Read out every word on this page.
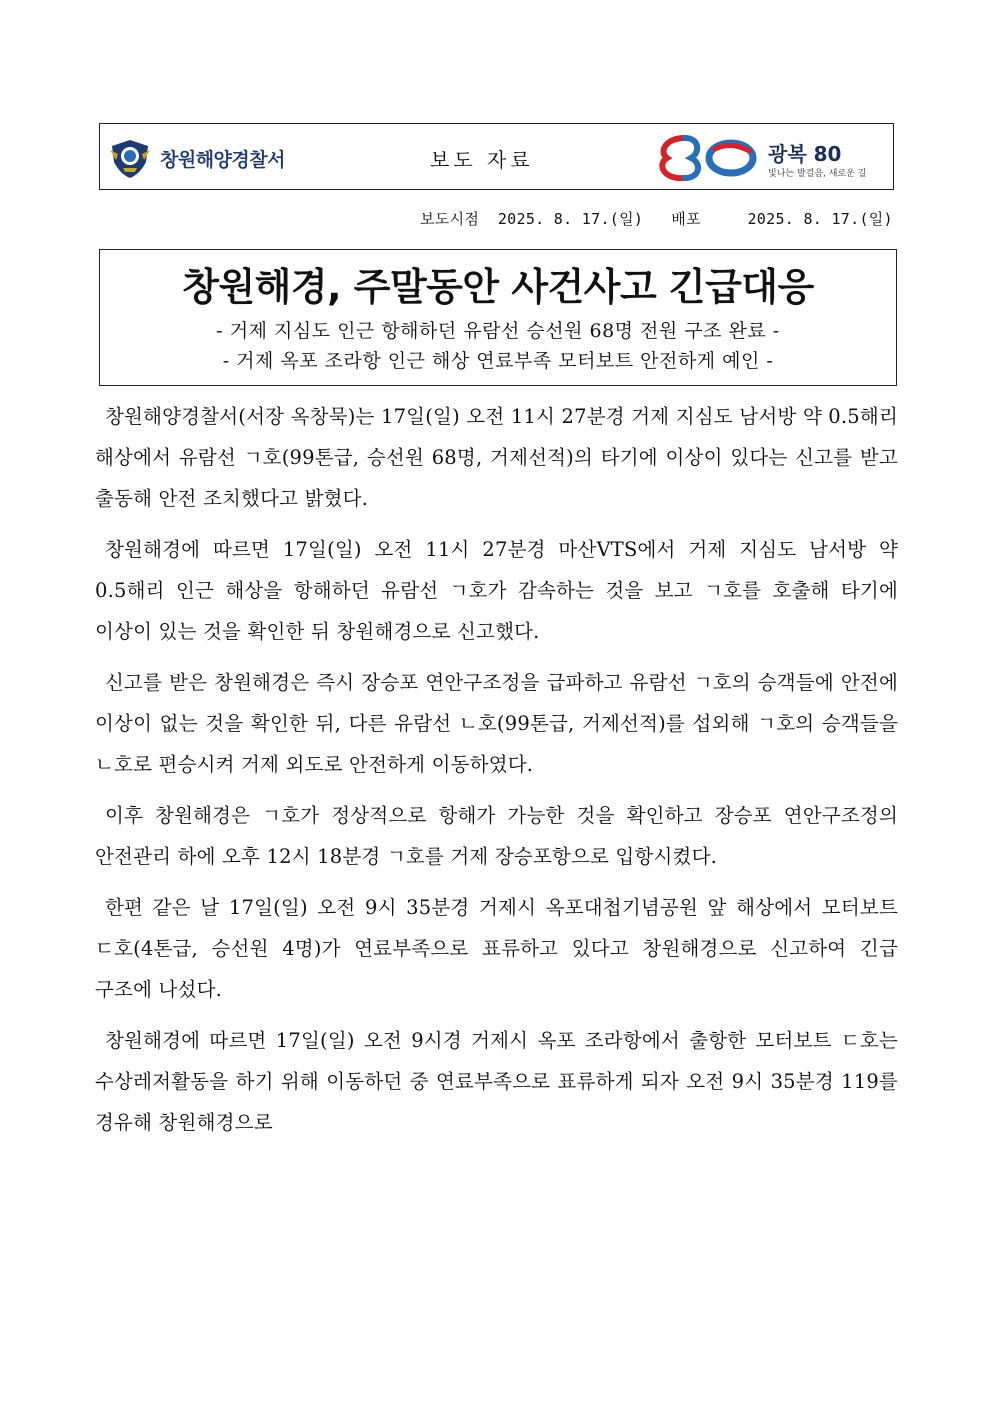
창원해양경찰서	보도 자료	광복 80
빛나는 발걸음, 새로운 길
보도시점  2025. 8. 17.(일)   배포     2025. 8. 17.(일)
창원해경, 주말동안 사건사고 긴급대응
- 거제 지심도 인근 항해하던 유람선 승선원 68명 전원 구조 완료 -
- 거제 옥포 조라항 인근 해상 연료부족 모터보트 안전하게 예인 -

창원해양경찰서(서장 옥창묵)는 17일(일) 오전 11시 27분경 거제 지심도 남서방 약 0.5해리 해상에서 유람선 ㄱ호(99톤급, 승선원 68명, 거제선적)의 타기에 이상이 있다는 신고를 받고 출동해 안전 조치했다고 밝혔다.

창원해경에 따르면 17일(일) 오전 11시 27분경 마산VTS에서 거제 지심도 남서방 약 0.5해리 인근 해상을 항해하던 유람선 ㄱ호가 감속하는 것을 보고 ㄱ호를 호출해 타기에 이상이 있는 것을 확인한 뒤 창원해경으로 신고했다.

신고를 받은 창원해경은 즉시 장승포 연안구조정을 급파하고 유람선 ㄱ호의 승객들에 안전에 이상이 없는 것을 확인한 뒤, 다른 유람선 ㄴ호(99톤급, 거제선적)를 섭외해 ㄱ호의 승객들을 ㄴ호로 편승시켜 거제 외도로 안전하게 이동하였다.

이후 창원해경은 ㄱ호가 정상적으로 항해가 가능한 것을 확인하고 장승포 연안구조정의 안전관리 하에 오후 12시 18분경 ㄱ호를 거제 장승포항으로 입항시켰다.

한편 같은 날 17일(일) 오전 9시 35분경 거제시 옥포대첩기념공원 앞 해상에서 모터보트 ㄷ호(4톤급, 승선원 4명)가 연료부족으로 표류하고 있다고 창원해경으로 신고하여 긴급 구조에 나섰다.

창원해경에 따르면 17일(일) 오전 9시경 거제시 옥포 조라항에서 출항한 모터보트 ㄷ호는 수상레저활동을 하기 위해 이동하던 중 연료부족으로 표류하게 되자 오전 9시 35분경 119를 경유해 창원해경으로
